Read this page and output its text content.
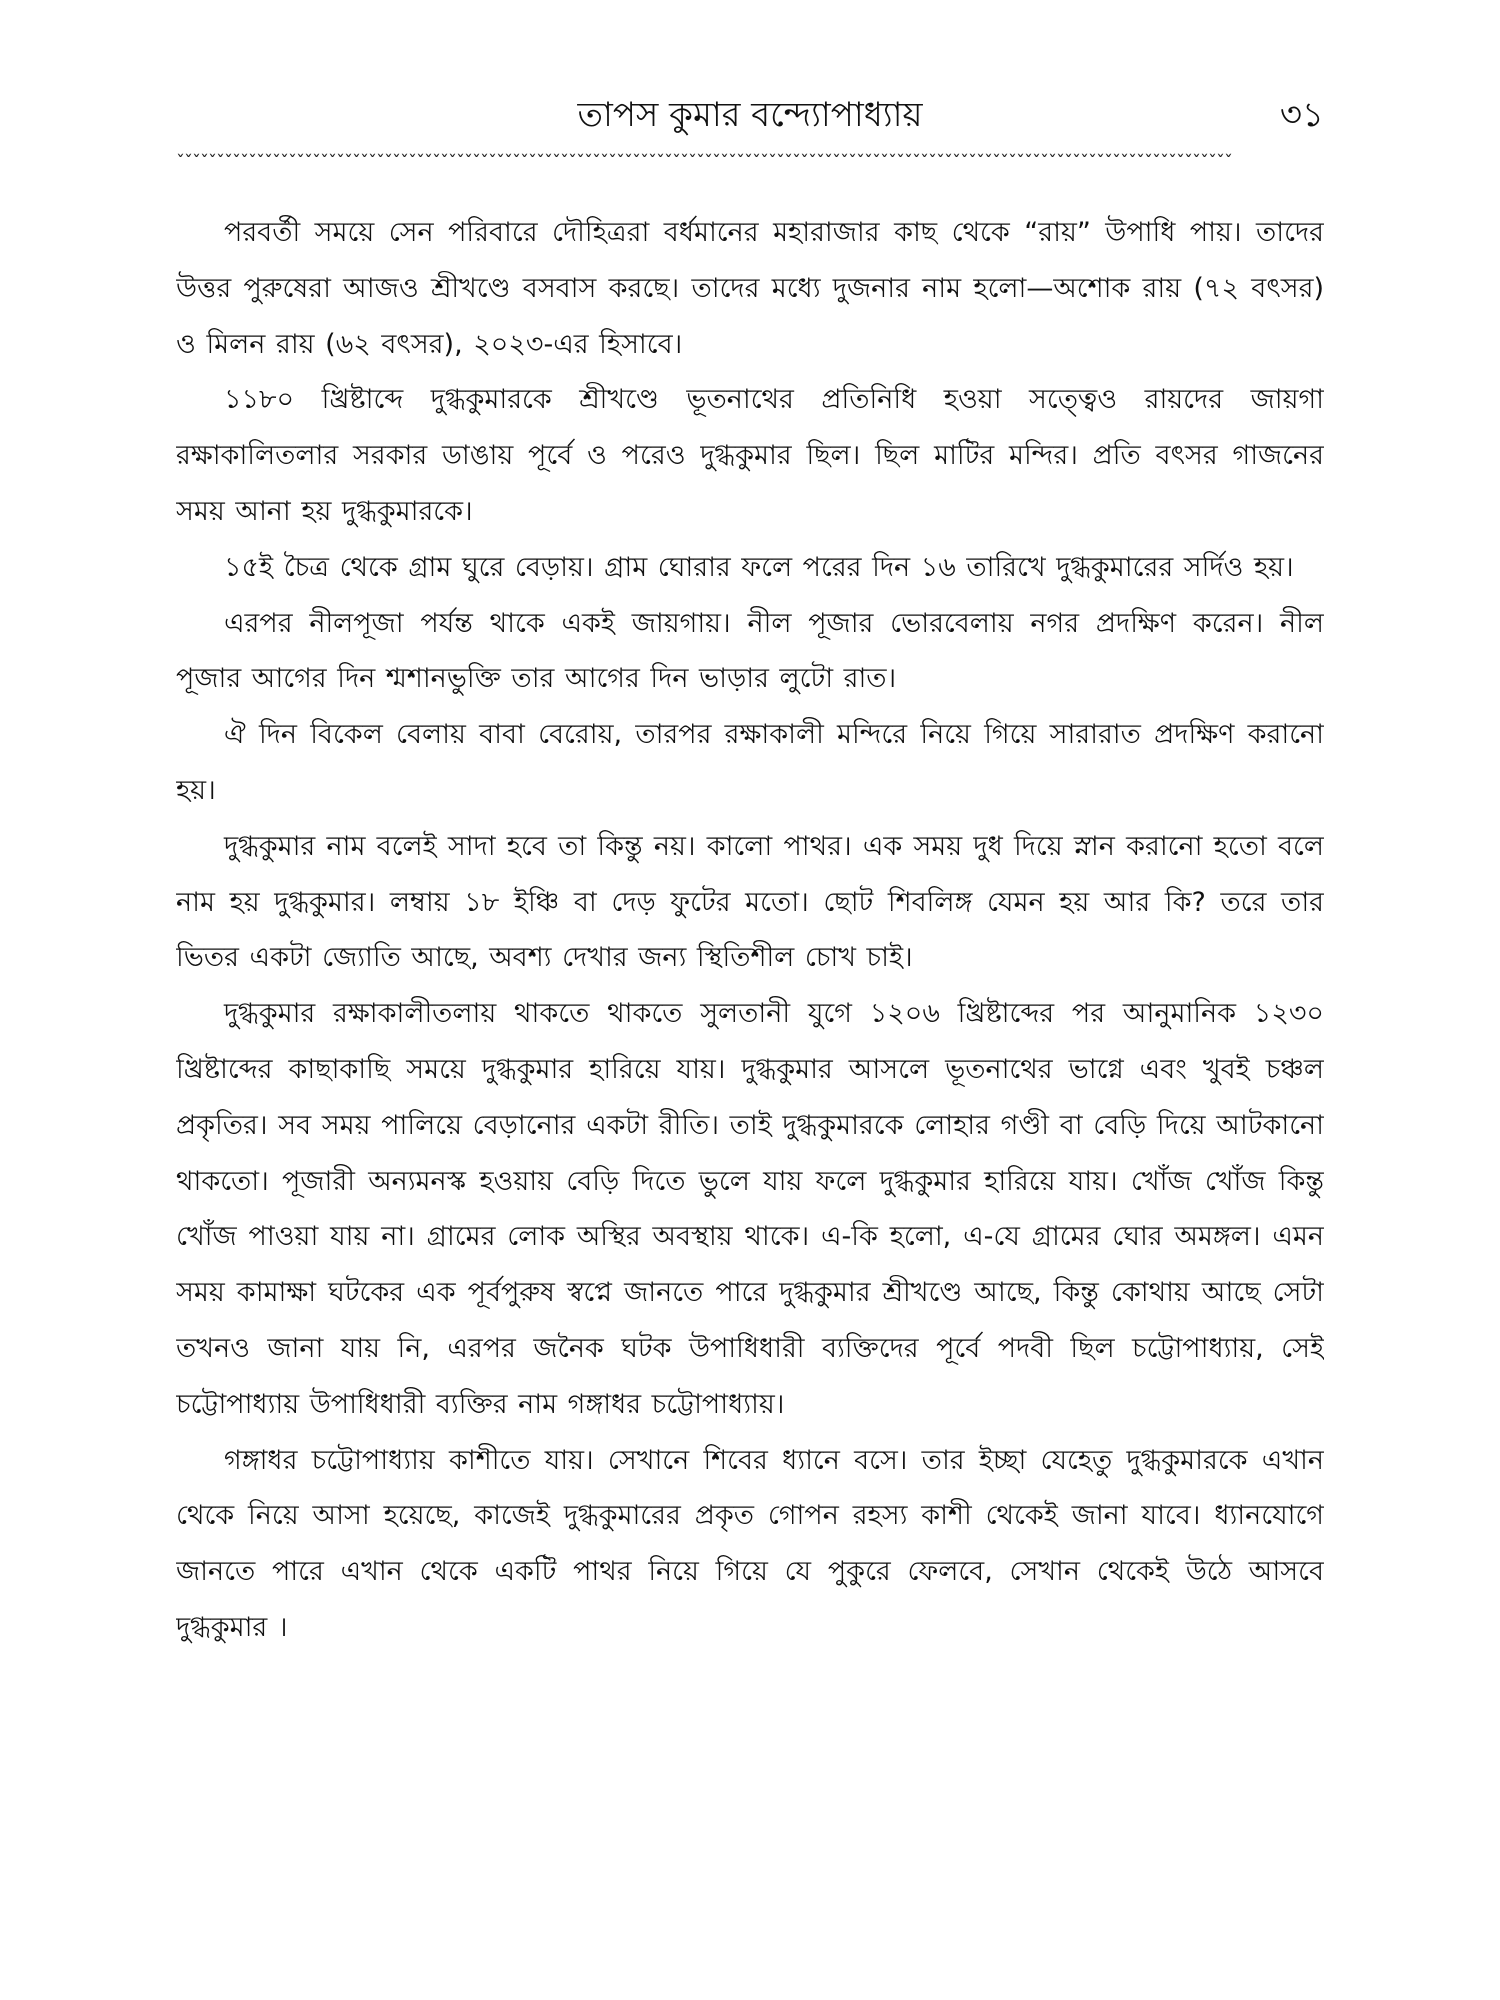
তাপস কুমার বন্দ্যোপাধ্যায়	৩১
ˇˇˇˇˇˇˇˇˇˇˇˇˇˇˇˇˇˇˇˇˇˇˇˇˇˇˇˇˇˇˇˇˇˇˇˇˇˇˇˇˇˇˇˇˇˇˇˇˇˇˇˇˇˇˇˇˇˇˇˇˇˇˇˇˇˇˇˇˇˇˇˇˇˇˇˇˇˇˇˇˇˇˇˇˇˇˇˇˇˇˇˇˇˇˇˇˇˇˇˇˇˇˇˇˇˇˇˇˇˇˇˇˇˇˇˇˇˇˇˇˇˇˇˇˇˇˇˇˇˇˇˇ

পরবর্তী সময়ে সেন পরিবারে দৌহিত্ররা বর্ধমানের মহারাজার কাছ থেকে “রায়” উপাধি পায়। তাদের উত্তর পুরুষেরা আজও শ্রীখণ্ডে বসবাস করছে। তাদের মধ্যে দুজনার নাম হলো—অশোক রায় (৭২ বৎসর) ও মিলন রায় (৬২ বৎসর), ২০২৩-এর হিসাবে।

১১৮০ খ্রিষ্টাব্দে দুগ্ধকুমারকে শ্রীখণ্ডে ভূতনাথের প্রতিনিধি হওয়া সত্ত্বেও রায়দের জায়গা রক্ষাকালিতলার সরকার ডাঙায় পূর্বে ও পরেও দুগ্ধকুমার ছিল। ছিল মাটির মন্দির। প্রতি বৎসর গাজনের সময় আনা হয় দুগ্ধকুমারকে।

১৫ই চৈত্র থেকে গ্রাম ঘুরে বেড়ায়। গ্রাম ঘোরার ফলে পরের দিন ১৬ তারিখে দুগ্ধকুমারের সর্দিও হয়।

এরপর নীলপূজা পর্যন্ত থাকে একই জায়গায়। নীল পূজার ভোরবেলায় নগর প্রদক্ষিণ করেন। নীল পূজার আগের দিন শ্মশানভুক্তি তার আগের দিন ভাড়ার লুটো রাত।

ঐ দিন বিকেল বেলায় বাবা বেরোয়, তারপর রক্ষাকালী মন্দিরে নিয়ে গিয়ে সারারাত প্রদক্ষিণ করানো হয়।

দুগ্ধকুমার নাম বলেই সাদা হবে তা কিন্তু নয়। কালো পাথর। এক সময় দুধ দিয়ে স্নান করানো হতো বলে নাম হয় দুগ্ধকুমার। লম্বায় ১৮ ইঞ্চি বা দেড় ফুটের মতো। ছোট শিবলিঙ্গ যেমন হয় আর কি? তরে তার ভিতর একটা জ্যোতি আছে, অবশ্য দেখার জন্য স্থিতিশীল চোখ চাই।

দুগ্ধকুমার রক্ষাকালীতলায় থাকতে থাকতে সুলতানী যুগে ১২০৬ খ্রিষ্টাব্দের পর আনুমানিক ১২৩০ খ্রিষ্টাব্দের কাছাকাছি সময়ে দুগ্ধকুমার হারিয়ে যায়। দুগ্ধকুমার আসলে ভূতনাথের ভাগ্নে এবং খুবই চঞ্চল প্রকৃতির। সব সময় পালিয়ে বেড়ানোর একটা রীতি। তাই দুগ্ধকুমারকে লোহার গণ্ডী বা বেড়ি দিয়ে আটকানো থাকতো। পূজারী অন্যমনস্ক হওয়ায় বেড়ি দিতে ভুলে যায় ফলে দুগ্ধকুমার হারিয়ে যায়। খোঁজ খোঁজ কিন্তু খোঁজ পাওয়া যায় না। গ্রামের লোক অস্থির অবস্থায় থাকে। এ-কি হলো, এ-যে গ্রামের ঘোর অমঙ্গল। এমন সময় কামাক্ষা ঘটকের এক পূর্বপুরুষ স্বপ্নে জানতে পারে দুগ্ধকুমার শ্রীখণ্ডে আছে, কিন্তু কোথায় আছে সেটা তখনও জানা যায় নি, এরপর জনৈক ঘটক উপাধিধারী ব্যক্তিদের পূর্বে পদবী ছিল চট্টোপাধ্যায়, সেই চট্টোপাধ্যায় উপাধিধারী ব্যক্তির নাম গঙ্গাধর চট্টোপাধ্যায়।

গঙ্গাধর চট্টোপাধ্যায় কাশীতে যায়। সেখানে শিবের ধ্যানে বসে। তার ইচ্ছা যেহেতু দুগ্ধকুমারকে এখান থেকে নিয়ে আসা হয়েছে, কাজেই দুগ্ধকুমারের প্রকৃত গোপন রহস্য কাশী থেকেই জানা যাবে। ধ্যানযোগে জানতে পারে এখান থেকে একটি পাথর নিয়ে গিয়ে যে পুকুরে ফেলবে, সেখান থেকেই উঠে আসবে দুগ্ধকুমার ।
